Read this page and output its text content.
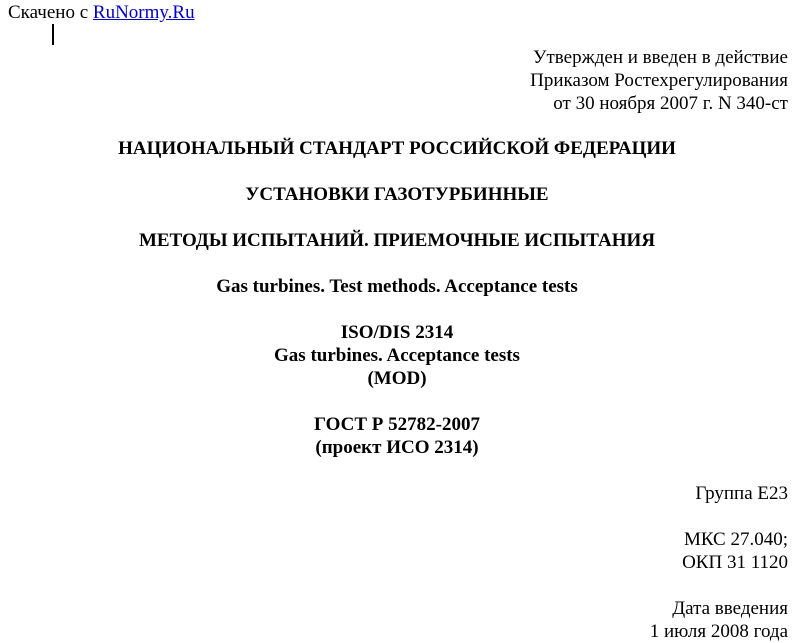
Скачено с RuNormy.Ru
Утвержден и введен в действие
Приказом Ростехрегулирования
от 30 ноября 2007 г. N 340-ст
НАЦИОНАЛЬНЫЙ СТАНДАРТ РОССИЙСКОЙ ФЕДЕРАЦИИ
УСТАНОВКИ ГАЗОТУРБИННЫЕ
МЕТОДЫ ИСПЫТАНИЙ. ПРИЕМОЧНЫЕ ИСПЫТАНИЯ
Gas turbines. Test methods. Acceptance tests
ISO/DIS 2314
Gas turbines. Acceptance tests
(MOD)
ГОСТ Р 52782-2007
(проект ИСО 2314)
Группа Е23
МКС 27.040;
ОКП 31 1120
Дата введения
1 июля 2008 года
